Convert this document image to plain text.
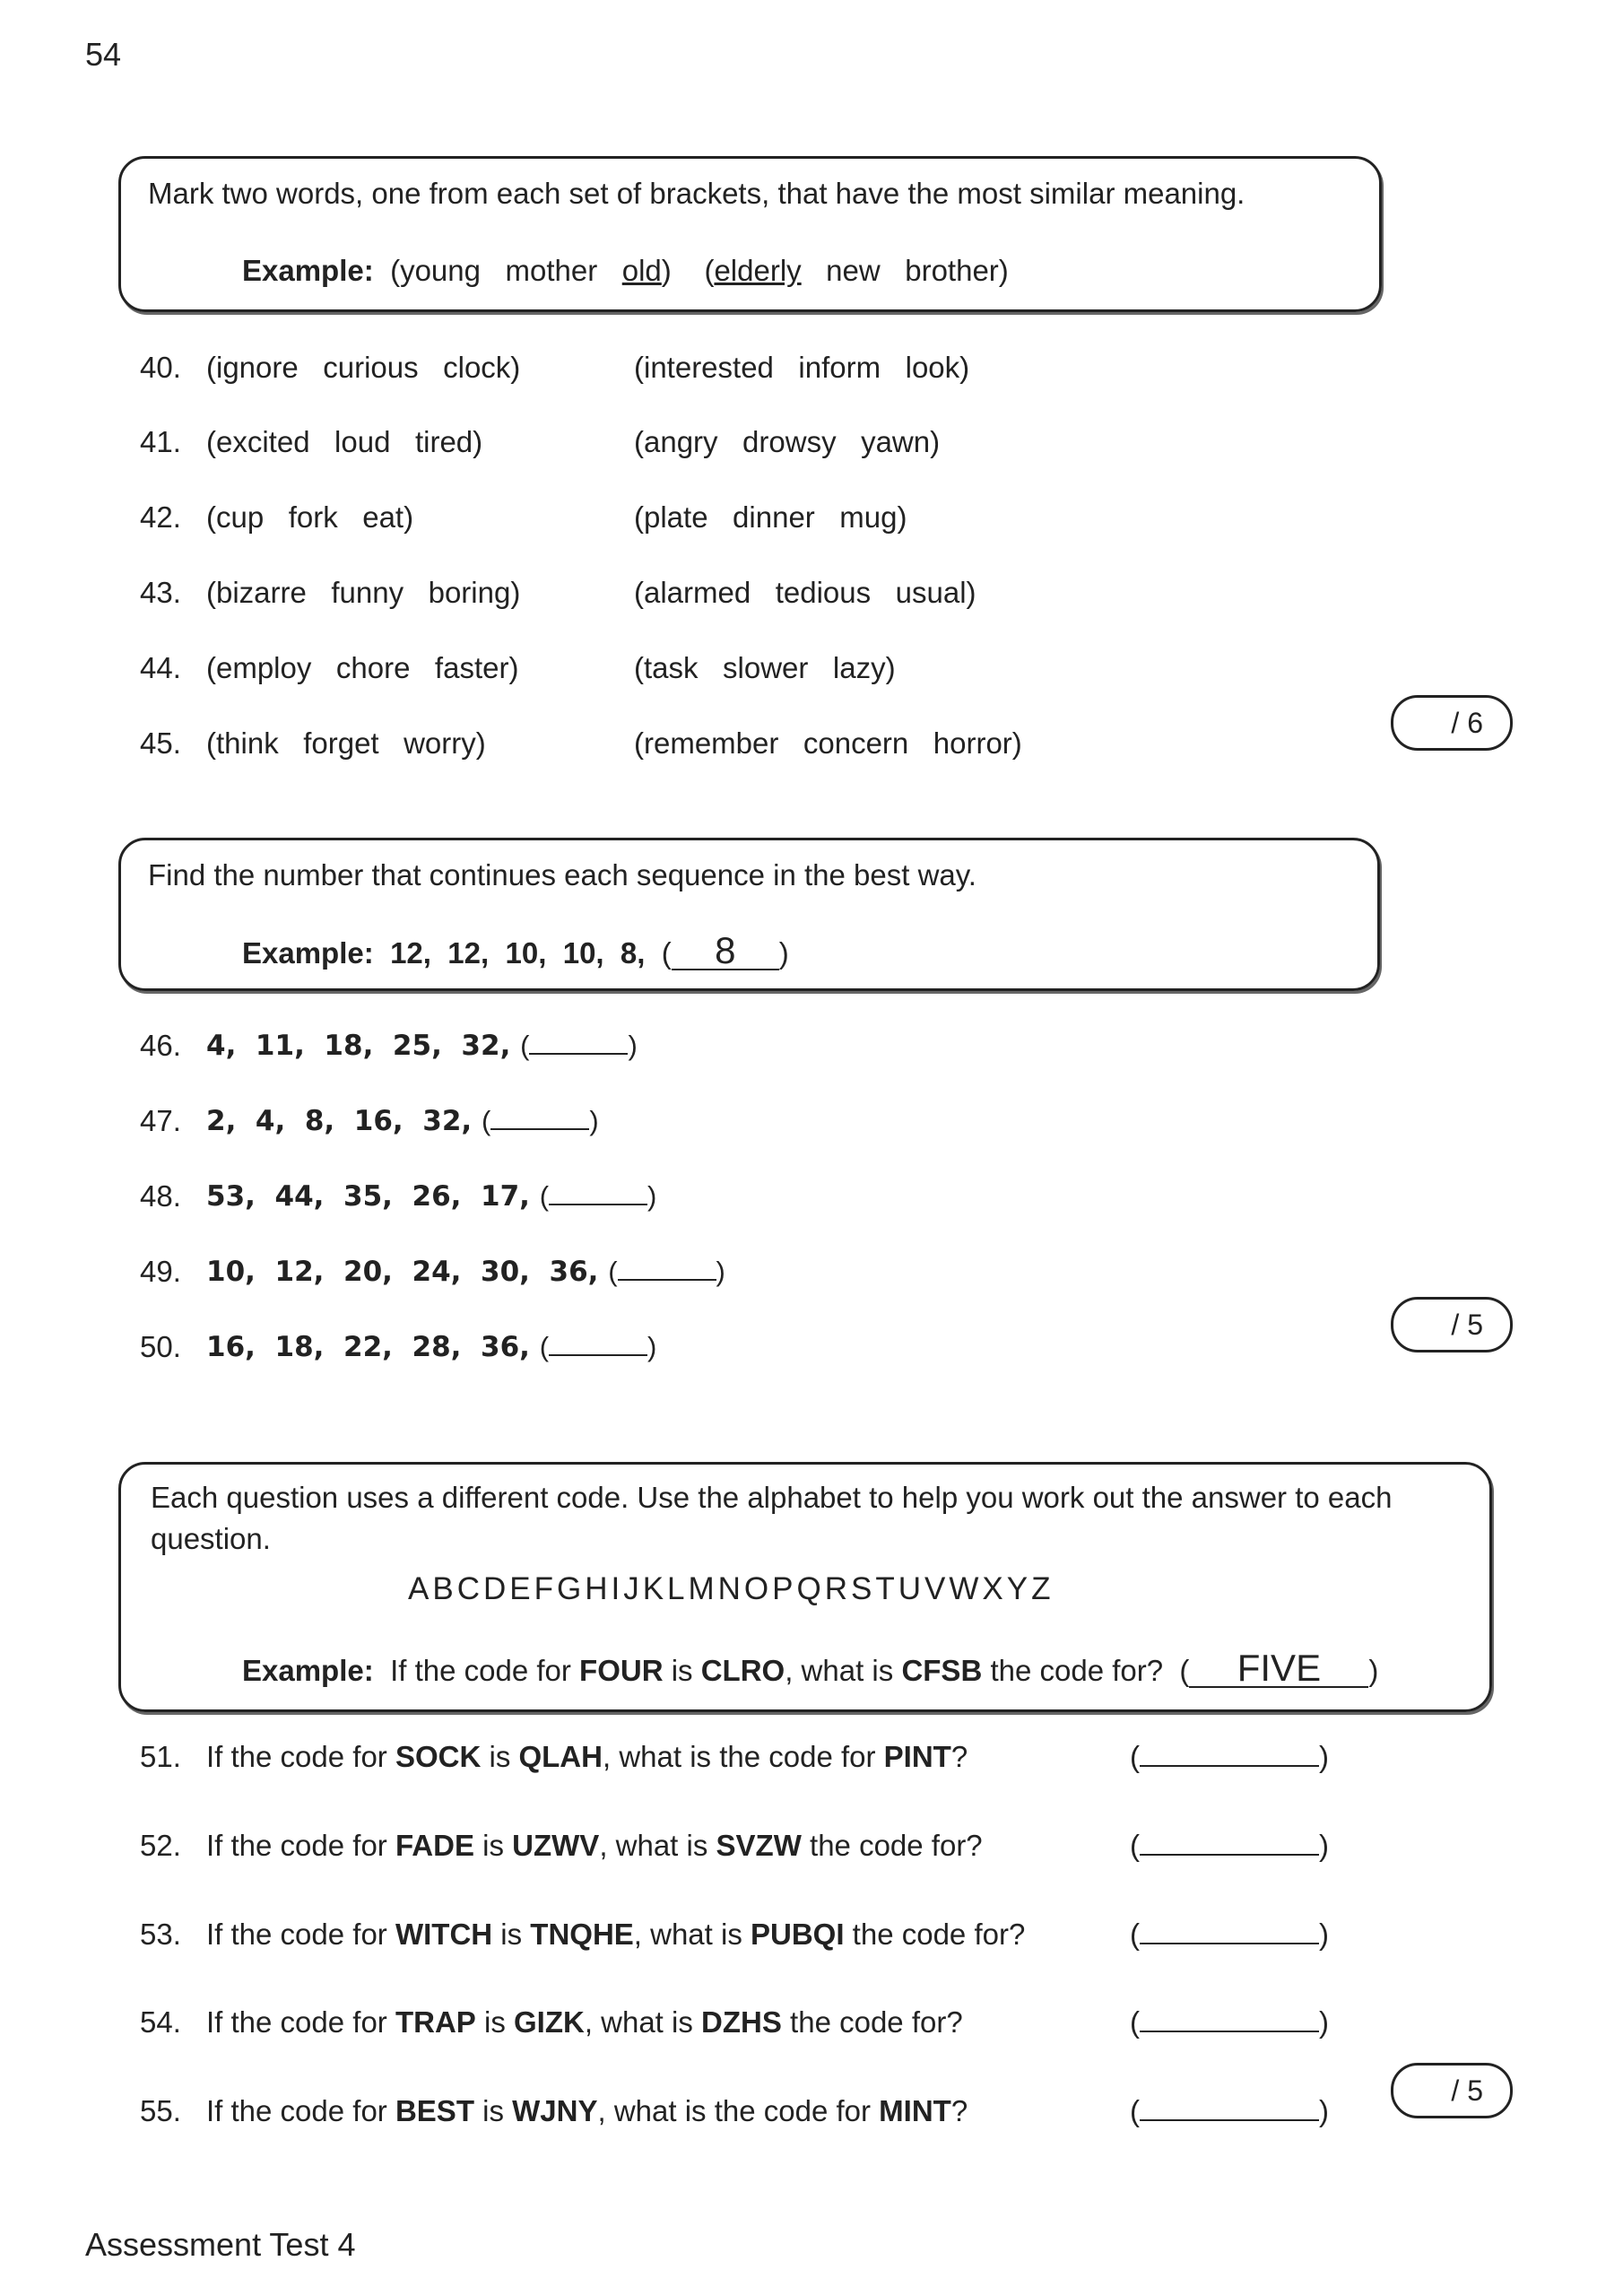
54
Mark two words, one from each set of brackets, that have the most similar meaning.
Example:  (young mother old)    (elderly new brother)
40. (ignore   curious   clock)	(interested   inform   look)
41. (excited   loud   tired)	(angry   drowsy   yawn)
42. (cup   fork   eat)	(plate   dinner   mug)
43. (bizarre   funny   boring)	(alarmed   tedious   usual)
44. (employ   chore   faster)	(task   slower   lazy)
45. (think   forget   worry)	(remember   concern   horror)
/ 6
Find the number that continues each sequence in the best way.
Example: 12,  12,  10,  10,  8,  ( 8 )
46. 4,  11,  18,  25,  32, (	)
47. 2,  4,  8,  16,  32, (	)
48. 53,  44,  35,  26,  17, (	)
49. 10,  12,  20,  24,  30,  36, (	)
50. 16,  18,  22,  28,  36, (	)
/ 5
Each question uses a different code. Use the alphabet to help you work out the answer to each question.
ABCDEFGHIJKLMNOPQRSTUVWXYZ
Example: If the code for FOUR is CLRO, what is CFSB the code for?  ( FIVE )
51. If the code for SOCK is QLAH, what is the code for PINT?	(	)
52. If the code for FADE is UZWV, what is SVZW the code for?	(	)
53. If the code for WITCH is TNQHE, what is PUBQI the code for?	(	)
54. If the code for TRAP is GIZK, what is DZHS the code for?	(	)
55. If the code for BEST is WJNY, what is the code for MINT?	(	)
/ 5
Assessment Test 4
